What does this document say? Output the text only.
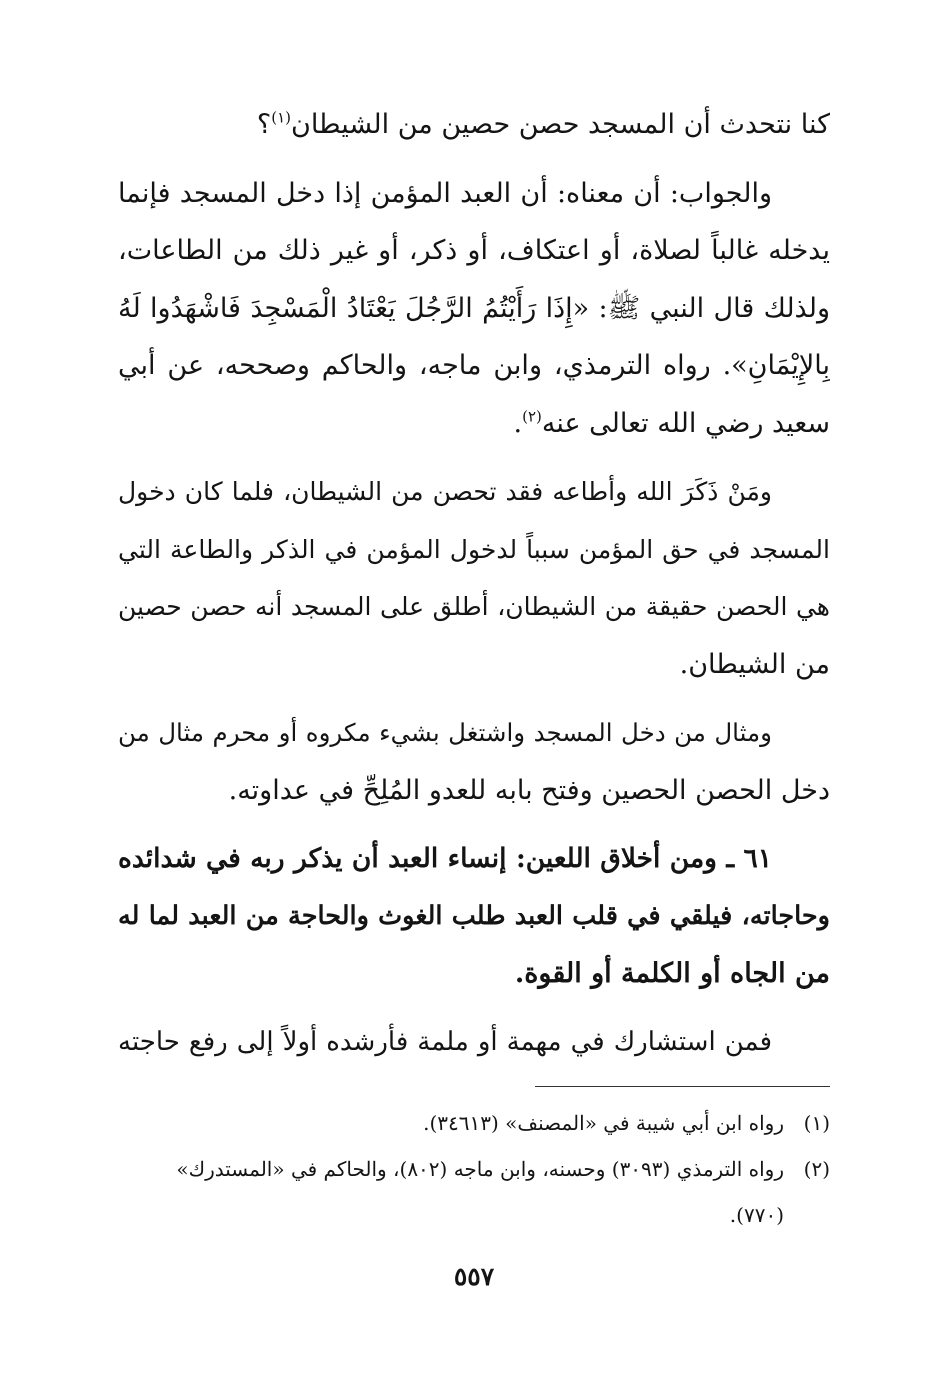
كنا نتحدث أن المسجد حصن حصين من الشيطان$^{(١)}$؟
والجواب: أن معناه: أن العبد المؤمن إذا دخل المسجد فإنما
يدخله غالباً لصلاة، أو اعتكاف، أو ذكر، أو غير ذلك من الطاعات،
ولذلك قال النبي ﷺ: «إِذَا رَأَيْتُمُ الرَّجُلَ يَعْتَادُ الْمَسْجِدَ فَاشْهَدُوا لَهُ
بِالإِيْمَانِ». رواه الترمذي، وابن ماجه، والحاكم وصححه، عن أبي
سعيد رضي الله تعالى عنه$^{(٢)}$.
ومَنْ ذَكَرَ الله وأطاعه فقد تحصن من الشيطان، فلما كان دخول
المسجد في حق المؤمن سبباً لدخول المؤمن في الذكر والطاعة التي
هي الحصن حقيقة من الشيطان، أطلق على المسجد أنه حصن حصين
من الشيطان.
ومثال من دخل المسجد واشتغل بشيء مكروه أو محرم مثال من
دخل الحصن الحصين وفتح بابه للعدو المُلِحِّ في عداوته.
٦١ ـ ومن أخلاق اللعين: إنساء العبد أن يذكر ربه في شدائده
وحاجاته، فيلقي في قلب العبد طلب الغوث والحاجة من العبد لما له
من الجاه أو الكلمة أو القوة.
فمن استشارك في مهمة أو ملمة فأرشده أولاً إلى رفع حاجته
(١)رواه ابن أبي شيبة في «المصنف» (٣٤٦١٣).
(٢)رواه الترمذي (٣٠٩٣) وحسنه، وابن ماجه (٨٠٢)، والحاكم في «المستدرك»
(٧٧٠).
٥٥٧
